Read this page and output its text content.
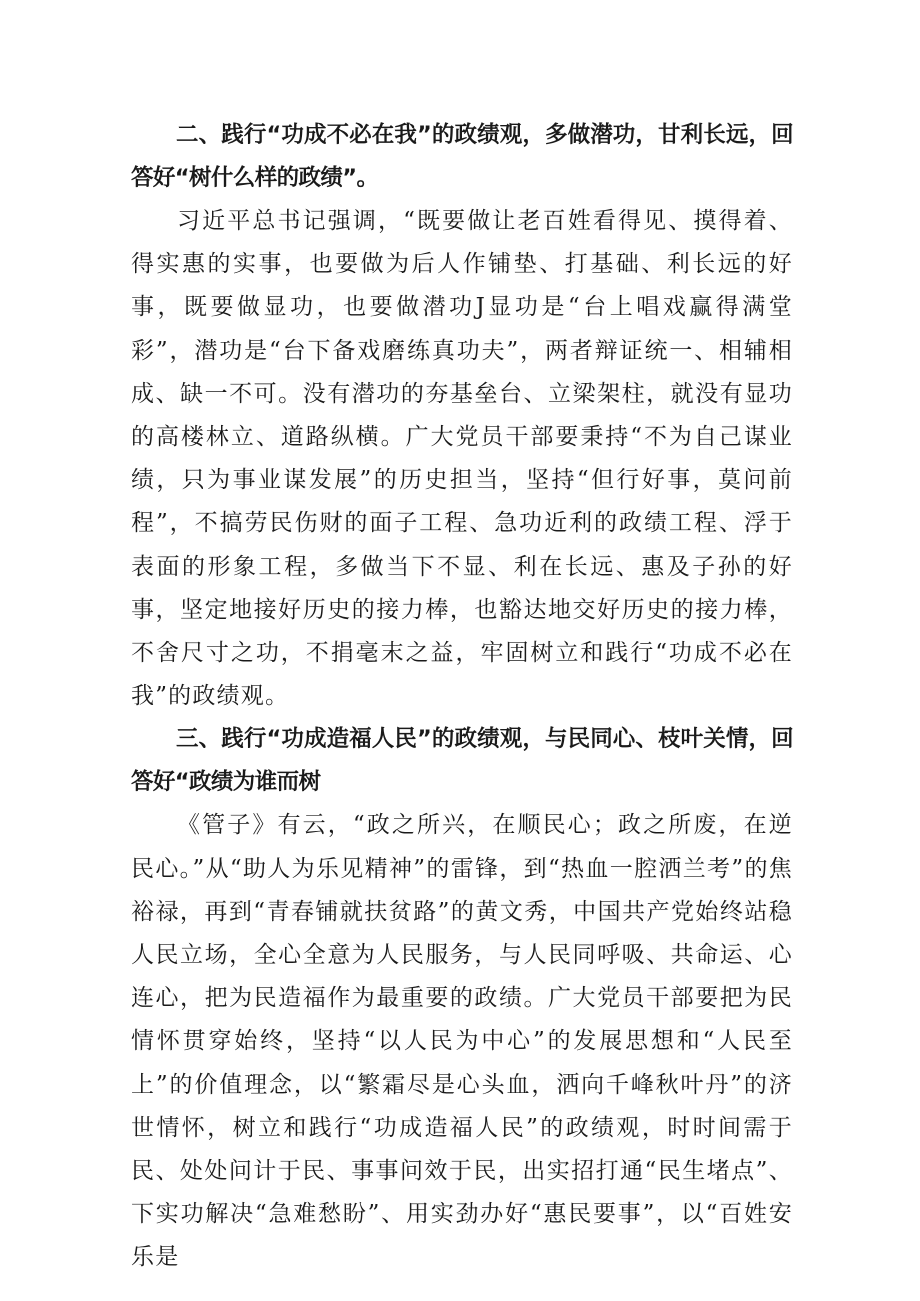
二、践行“功成不必在我”的政绩观，多做潜功，甘利长远，回答好“树什么样的政绩”。

习近平总书记强调，“既要做让老百姓看得见、摸得着、得实惠的实事，也要做为后人作铺垫、打基础、利长远的好事，既要做显功，也要做潜功J显功是“台上唱戏赢得满堂彩”，潜功是“台下备戏磨练真功夫”，两者辩证统一、相辅相成、缺一不可。没有潜功的夯基垒台、立梁架柱，就没有显功的高楼林立、道路纵横。广大党员干部要秉持“不为自己谋业绩，只为事业谋发展”的历史担当，坚持“但行好事，莫问前程”，不搞劳民伤财的面子工程、急功近利的政绩工程、浮于表面的形象工程，多做当下不显、利在长远、惠及子孙的好事，坚定地接好历史的接力棒，也豁达地交好历史的接力棒，不舍尺寸之功，不捐毫末之益，牢固树立和践行“功成不必在我”的政绩观。

三、践行“功成造福人民”的政绩观，与民同心、枝叶关情，回答好“政绩为谁而树

《管子》有云，“政之所兴，在顺民心；政之所废，在逆民心。”从“助人为乐见精神”的雷锋，到“热血一腔洒兰考”的焦裕禄，再到“青春铺就扶贫路”的黄文秀，中国共产党始终站稳人民立场，全心全意为人民服务，与人民同呼吸、共命运、心连心，把为民造福作为最重要的政绩。广大党员干部要把为民情怀贯穿始终，坚持“以人民为中心”的发展思想和“人民至上”的价值理念，以“繁霜尽是心头血，洒向千峰秋叶丹”的济世情怀，树立和践行“功成造福人民”的政绩观，时时间需于民、处处问计于民、事事问效于民，出实招打通“民生堵点”、下实功解决“急难愁盼”、用实劲办好“惠民要事”，以“百姓安乐是
